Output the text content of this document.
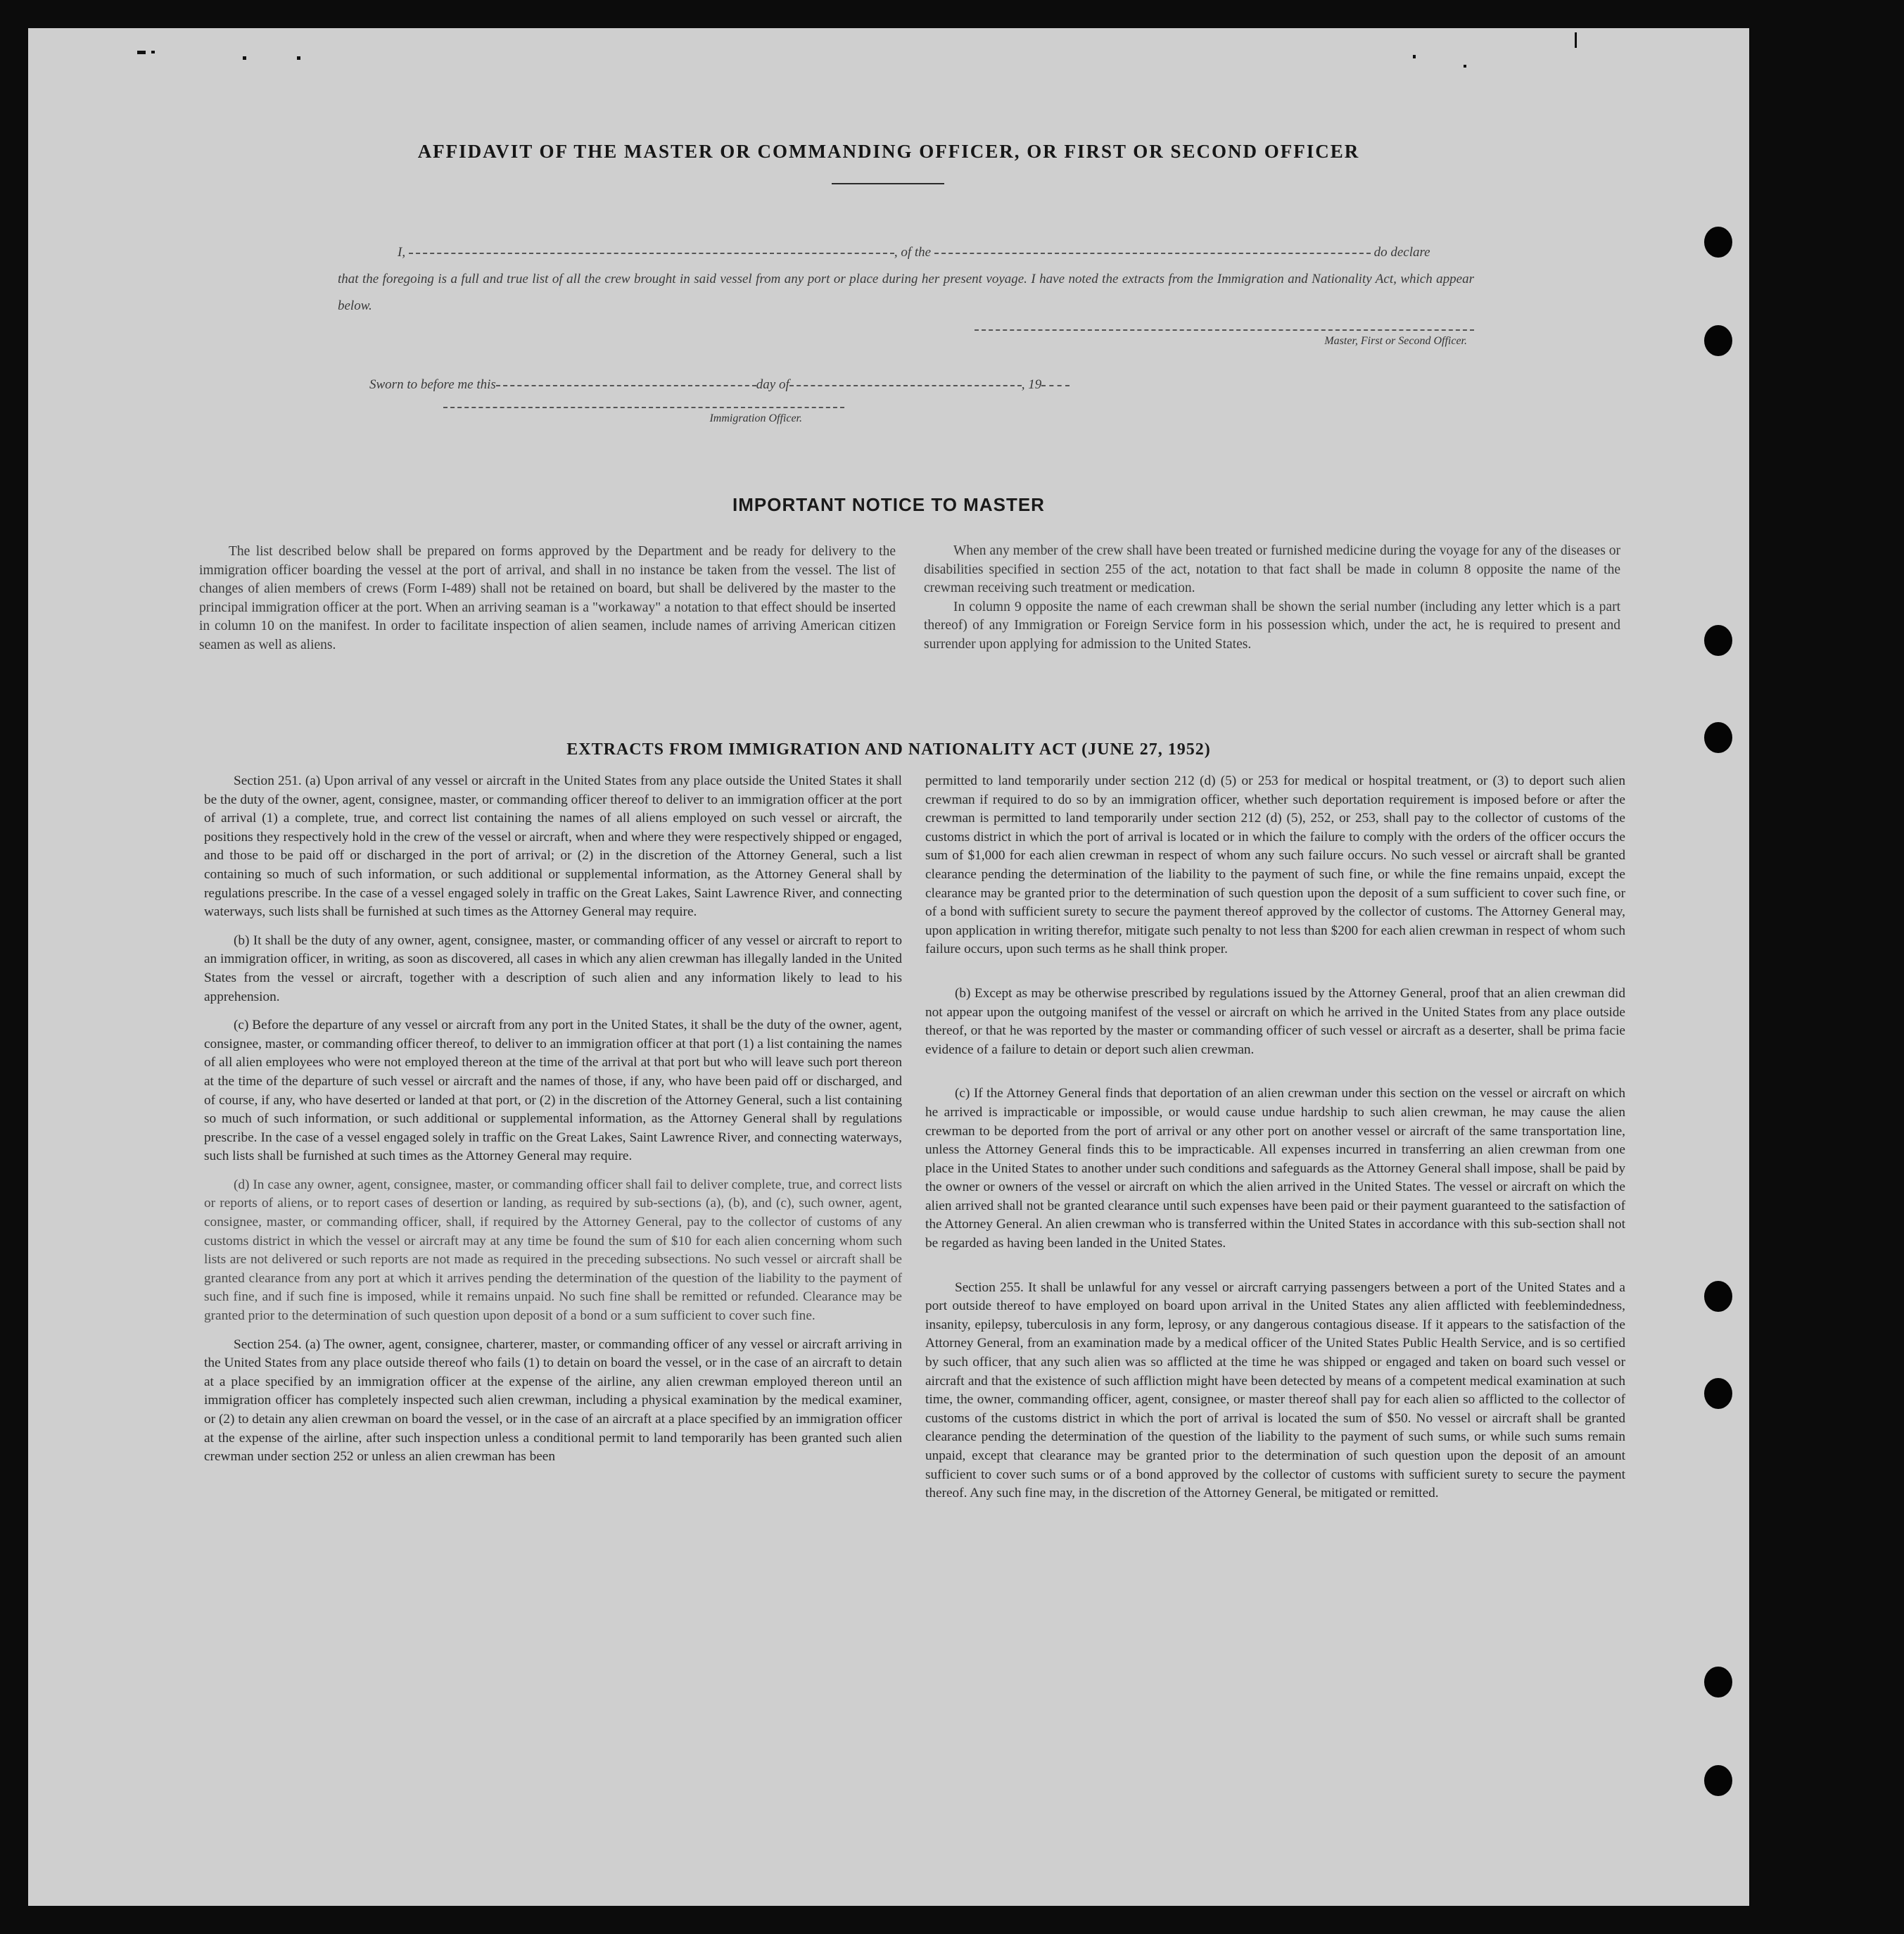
AFFIDAVIT OF THE MASTER OR COMMANDING OFFICER, OR FIRST OR SECOND OFFICER
I,	, of the	do declare
that the foregoing is a full and true list of all the crew brought in said vessel from any port or place during her present voyage. I have noted the extracts from the Immigration and Nationality Act, which appear below.
Master, First or Second Officer.
Sworn to before me this	day of	, 19
Immigration Officer.
IMPORTANT NOTICE TO MASTER

The list described below shall be prepared on forms approved by the Department and be ready for delivery to the immigration officer boarding the vessel at the port of arrival, and shall in no instance be taken from the vessel. The list of changes of alien members of crews (Form I-489) shall not be retained on board, but shall be delivered by the master to the principal immigration officer at the port. When an arriving seaman is a "workaway" a notation to that effect should be inserted in column 10 on the manifest. In order to facilitate inspection of alien seamen, include names of arriving American citizen seamen as well as aliens.

When any member of the crew shall have been treated or furnished medicine during the voyage for any of the diseases or disabilities specified in section 255 of the act, notation to that fact shall be made in column 8 opposite the name of the crewman receiving such treatment or medication.

In column 9 opposite the name of each crewman shall be shown the serial number (including any letter which is a part thereof) of any Immigration or Foreign Service form in his possession which, under the act, he is required to present and surrender upon applying for admission to the United States.

EXTRACTS FROM IMMIGRATION AND NATIONALITY ACT (JUNE 27, 1952)

Section 251. (a) Upon arrival of any vessel or aircraft in the United States from any place outside the United States it shall be the duty of the owner, agent, consignee, master, or commanding officer thereof to deliver to an immigration officer at the port of arrival (1) a complete, true, and correct list containing the names of all aliens employed on such vessel or aircraft, the positions they respectively hold in the crew of the vessel or aircraft, when and where they were respectively shipped or engaged, and those to be paid off or discharged in the port of arrival; or (2) in the discretion of the Attorney General, such a list containing so much of such information, or such additional or supplemental information, as the Attorney General shall by regulations prescribe. In the case of a vessel engaged solely in traffic on the Great Lakes, Saint Lawrence River, and connecting waterways, such lists shall be furnished at such times as the Attorney General may require.

(b) It shall be the duty of any owner, agent, consignee, master, or commanding officer of any vessel or aircraft to report to an immigration officer, in writing, as soon as discovered, all cases in which any alien crewman has illegally landed in the United States from the vessel or aircraft, together with a description of such alien and any information likely to lead to his apprehension.

(c) Before the departure of any vessel or aircraft from any port in the United States, it shall be the duty of the owner, agent, consignee, master, or commanding officer thereof, to deliver to an immigration officer at that port (1) a list containing the names of all alien employees who were not employed thereon at the time of the arrival at that port but who will leave such port thereon at the time of the departure of such vessel or aircraft and the names of those, if any, who have been paid off or discharged, and of course, if any, who have deserted or landed at that port, or (2) in the discretion of the Attorney General, such a list containing so much of such information, or such additional or supplemental information, as the Attorney General shall by regulations prescribe. In the case of a vessel engaged solely in traffic on the Great Lakes, Saint Lawrence River, and connecting waterways, such lists shall be furnished at such times as the Attorney General may require.

(d) In case any owner, agent, consignee, master, or commanding officer shall fail to deliver complete, true, and correct lists or reports of aliens, or to report cases of desertion or landing, as required by sub-sections (a), (b), and (c), such owner, agent, consignee, master, or commanding officer, shall, if required by the Attorney General, pay to the collector of customs of any customs district in which the vessel or aircraft may at any time be found the sum of $10 for each alien concerning whom such lists are not delivered or such reports are not made as required in the preceding subsections. No such vessel or aircraft shall be granted clearance from any port at which it arrives pending the determination of the question of the liability to the payment of such fine, and if such fine is imposed, while it remains unpaid. No such fine shall be remitted or refunded. Clearance may be granted prior to the determination of such question upon deposit of a bond or a sum sufficient to cover such fine.

Section 254. (a) The owner, agent, consignee, charterer, master, or commanding officer of any vessel or aircraft arriving in the United States from any place outside thereof who fails (1) to detain on board the vessel, or in the case of an aircraft to detain at a place specified by an immigration officer at the expense of the airline, any alien crewman employed thereon until an immigration officer has completely inspected such alien crewman, including a physical examination by the medical examiner, or (2) to detain any alien crewman on board the vessel, or in the case of an aircraft at a place specified by an immigration officer at the expense of the airline, after such inspection unless a conditional permit to land temporarily has been granted such alien crewman under section 252 or unless an alien crewman has been

permitted to land temporarily under section 212 (d) (5) or 253 for medical or hospital treatment, or (3) to deport such alien crewman if required to do so by an immigration officer, whether such deportation requirement is imposed before or after the crewman is permitted to land temporarily under section 212 (d) (5), 252, or 253, shall pay to the collector of customs of the customs district in which the port of arrival is located or in which the failure to comply with the orders of the officer occurs the sum of $1,000 for each alien crewman in respect of whom any such failure occurs. No such vessel or aircraft shall be granted clearance pending the determination of the liability to the payment of such fine, or while the fine remains unpaid, except the clearance may be granted prior to the determination of such question upon the deposit of a sum sufficient to cover such fine, or of a bond with sufficient surety to secure the payment thereof approved by the collector of customs. The Attorney General may, upon application in writing therefor, mitigate such penalty to not less than $200 for each alien crewman in respect of whom such failure occurs, upon such terms as he shall think proper.

(b) Except as may be otherwise prescribed by regulations issued by the Attorney General, proof that an alien crewman did not appear upon the outgoing manifest of the vessel or aircraft on which he arrived in the United States from any place outside thereof, or that he was reported by the master or commanding officer of such vessel or aircraft as a deserter, shall be prima facie evidence of a failure to detain or deport such alien crewman.

(c) If the Attorney General finds that deportation of an alien crewman under this section on the vessel or aircraft on which he arrived is impracticable or impossible, or would cause undue hardship to such alien crewman, he may cause the alien crewman to be deported from the port of arrival or any other port on another vessel or aircraft of the same transportation line, unless the Attorney General finds this to be impracticable. All expenses incurred in transferring an alien crewman from one place in the United States to another under such conditions and safeguards as the Attorney General shall impose, shall be paid by the owner or owners of the vessel or aircraft on which the alien arrived in the United States. The vessel or aircraft on which the alien arrived shall not be granted clearance until such expenses have been paid or their payment guaranteed to the satisfaction of the Attorney General. An alien crewman who is transferred within the United States in accordance with this sub-section shall not be regarded as having been landed in the United States.

Section 255. It shall be unlawful for any vessel or aircraft carrying passengers between a port of the United States and a port outside thereof to have employed on board upon arrival in the United States any alien afflicted with feeblemindedness, insanity, epilepsy, tuberculosis in any form, leprosy, or any dangerous contagious disease. If it appears to the satisfaction of the Attorney General, from an examination made by a medical officer of the United States Public Health Service, and is so certified by such officer, that any such alien was so afflicted at the time he was shipped or engaged and taken on board such vessel or aircraft and that the existence of such affliction might have been detected by means of a competent medical examination at such time, the owner, commanding officer, agent, consignee, or master thereof shall pay for each alien so afflicted to the collector of customs of the customs district in which the port of arrival is located the sum of $50. No vessel or aircraft shall be granted clearance pending the determination of the question of the liability to the payment of such sums, or while such sums remain unpaid, except that clearance may be granted prior to the determination of such question upon the deposit of an amount sufficient to cover such sums or of a bond approved by the collector of customs with sufficient surety to secure the payment thereof. Any such fine may, in the discretion of the Attorney General, be mitigated or remitted.
